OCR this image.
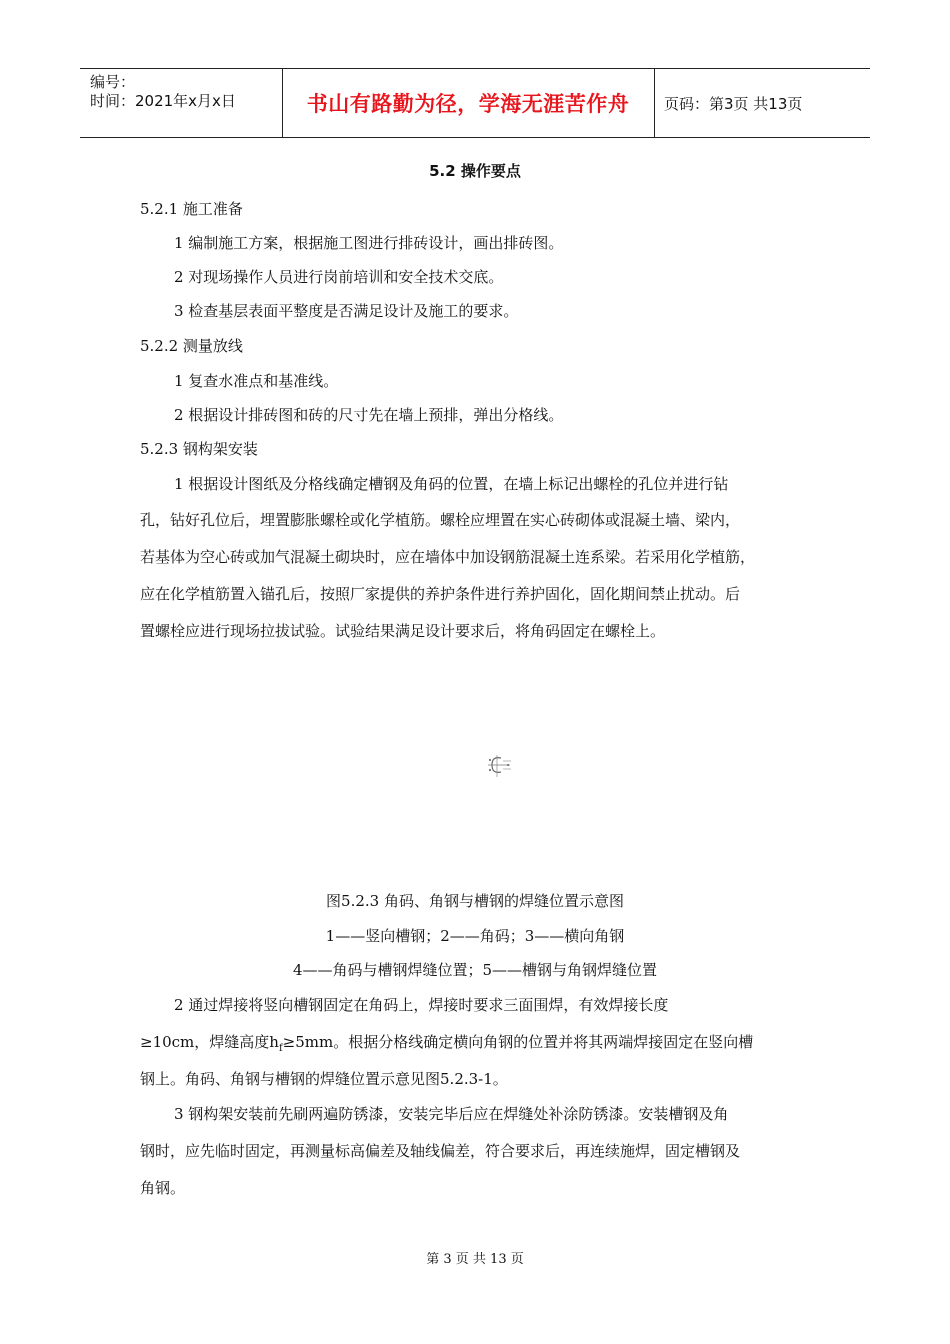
编号：
时间：2021年x月x日	书山有路勤为径，学海无涯苦作舟	页码：第3页 共13页
5.2 操作要点
5.2.1 施工准备
1 编制施工方案，根据施工图进行排砖设计，画出排砖图。
2 对现场操作人员进行岗前培训和安全技术交底。
3 检查基层表面平整度是否满足设计及施工的要求。
5.2.2 测量放线
1 复查水准点和基准线。
2 根据设计排砖图和砖的尺寸先在墙上预排，弹出分格线。
5.2.3 钢构架安装
1 根据设计图纸及分格线确定槽钢及角码的位置，在墙上标记出螺栓的孔位并进行钻
孔，钻好孔位后，埋置膨胀螺栓或化学植筋。螺栓应埋置在实心砖砌体或混凝土墙、梁内，
若基体为空心砖或加气混凝土砌块时，应在墙体中加设钢筋混凝土连系梁。若采用化学植筋，
应在化学植筋置入锚孔后，按照厂家提供的养护条件进行养护固化，固化期间禁止扰动。后
置螺栓应进行现场拉拔试验。试验结果满足设计要求后，将角码固定在螺栓上。
图5.2.3 角码、角钢与槽钢的焊缝位置示意图
1——竖向槽钢；2——角码；3——横向角钢
4——角码与槽钢焊缝位置；5——槽钢与角钢焊缝位置
2 通过焊接将竖向槽钢固定在角码上，焊接时要求三面围焊，有效焊接长度
≥10cm，焊缝高度$h_f\ge 5mm$。根据分格线确定横向角钢的位置并将其两端焊接固定在竖向槽
钢上。角码、角钢与槽钢的焊缝位置示意见图5.2.3-1。
3 钢构架安装前先刷两遍防锈漆，安装完毕后应在焊缝处补涂防锈漆。安装槽钢及角
钢时，应先临时固定，再测量标高偏差及轴线偏差，符合要求后，再连续施焊，固定槽钢及
角钢。
第 3 页 共 13 页
